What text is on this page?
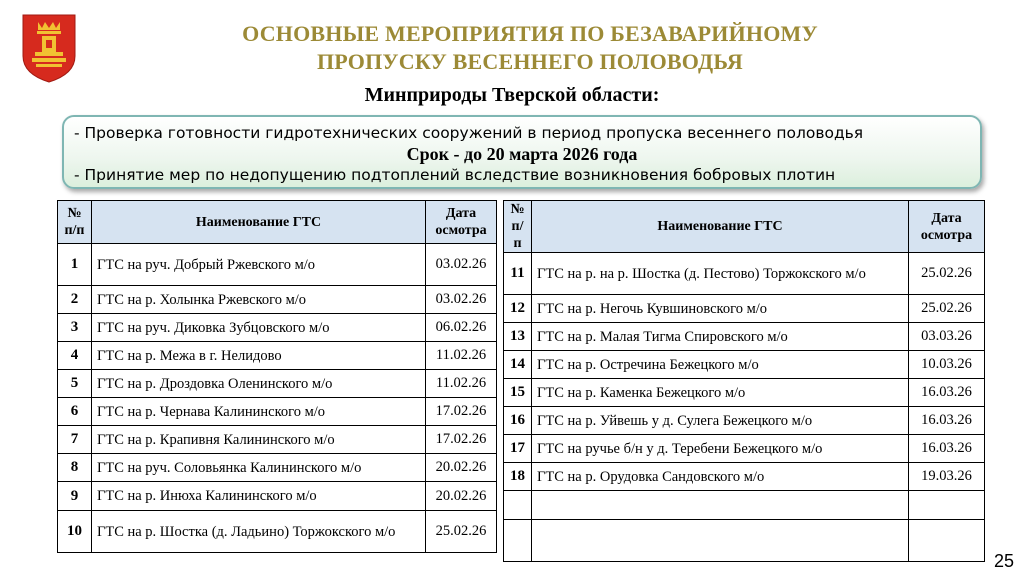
ОСНОВНЫЕ МЕРОПРИЯТИЯ ПО БЕЗАВАРИЙНОМУ
ПРОПУСКУ ВЕСЕННЕГО ПОЛОВОДЬЯ
Минприроды Тверской области:
- Проверка готовности гидротехнических сооружений в период пропуска весеннего половодья
Срок - до 20 марта 2026 года
- Принятие мер по недопущению подтоплений вследствие возникновения бобровых плотин
№ п/п	Наименование ГТС	Дата осмотра
1	ГТС на руч. Добрый Ржевского м/о	03.02.26
2	ГТС на р. Холынка Ржевского м/о	03.02.26
3	ГТС на руч. Диковка Зубцовского м/о	06.02.26
4	ГТС на р. Межа в г. Нелидово	11.02.26
5	ГТС на р. Дроздовка Оленинского м/о	11.02.26
6	ГТС на р. Чернава Калининского м/о	17.02.26
7	ГТС на р. Крапивня Калининского м/о	17.02.26
8	ГТС на руч. Соловьянка Калининского м/о	20.02.26
9	ГТС на р. Инюха Калининского м/о	20.02.26
10	ГТС на р. Шостка (д. Ладьино) Торжокского м/о	25.02.26
№ п/п	Наименование ГТС	Дата осмотра
11	ГТС на р. на р. Шостка (д. Пестово) Торжокского м/о	25.02.26
12	ГТС на р. Негочь Кувшиновского м/о	25.02.26
13	ГТС на р. Малая Тигма Спировского м/о	03.03.26
14	ГТС на р. Остречина Бежецкого м/о	10.03.26
15	ГТС на р. Каменка Бежецкого м/о	16.03.26
16	ГТС на р. Уйвешь у д. Сулега Бежецкого м/о	16.03.26
17	ГТС на ручье б/н у д. Теребени Бежецкого м/о	16.03.26
18	ГТС на р. Орудовка Сандовского м/о	19.03.26

25
